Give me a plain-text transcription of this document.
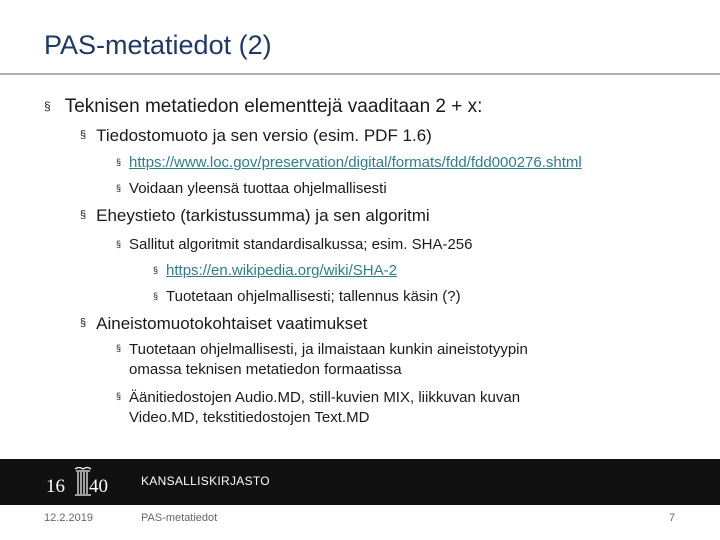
PAS-metatiedot (2)
§ Teknisen metatiedon elementtejä vaaditaan 2 + x:
§ Tiedostomuoto ja sen versio (esim. PDF 1.6)
§ https://www.loc.gov/preservation/digital/formats/fdd/fdd000276.shtml
§ Voidaan yleensä tuottaa ohjelmallisesti
§ Eheystieto (tarkistussumma) ja sen algoritmi
§ Sallitut algoritmit standardisalkussa; esim. SHA-256
§ https://en.wikipedia.org/wiki/SHA-2
§ Tuotetaan ohjelmallisesti; tallennus käsin (?)
§ Aineistomuotokohtaiset vaatimukset
§ Tuotetaan ohjelmallisesti, ja ilmaistaan kunkin aineistotyypin
omassa teknisen metatiedon formaatissa
§ Äänitiedostojen Audio.MD, still-kuvien MIX, liikkuvan kuvan
Video.MD, tekstitiedostojen Text.MD
16 40	KANSALLISKIRJASTO
12.2.2019	PAS-metatiedot	7
